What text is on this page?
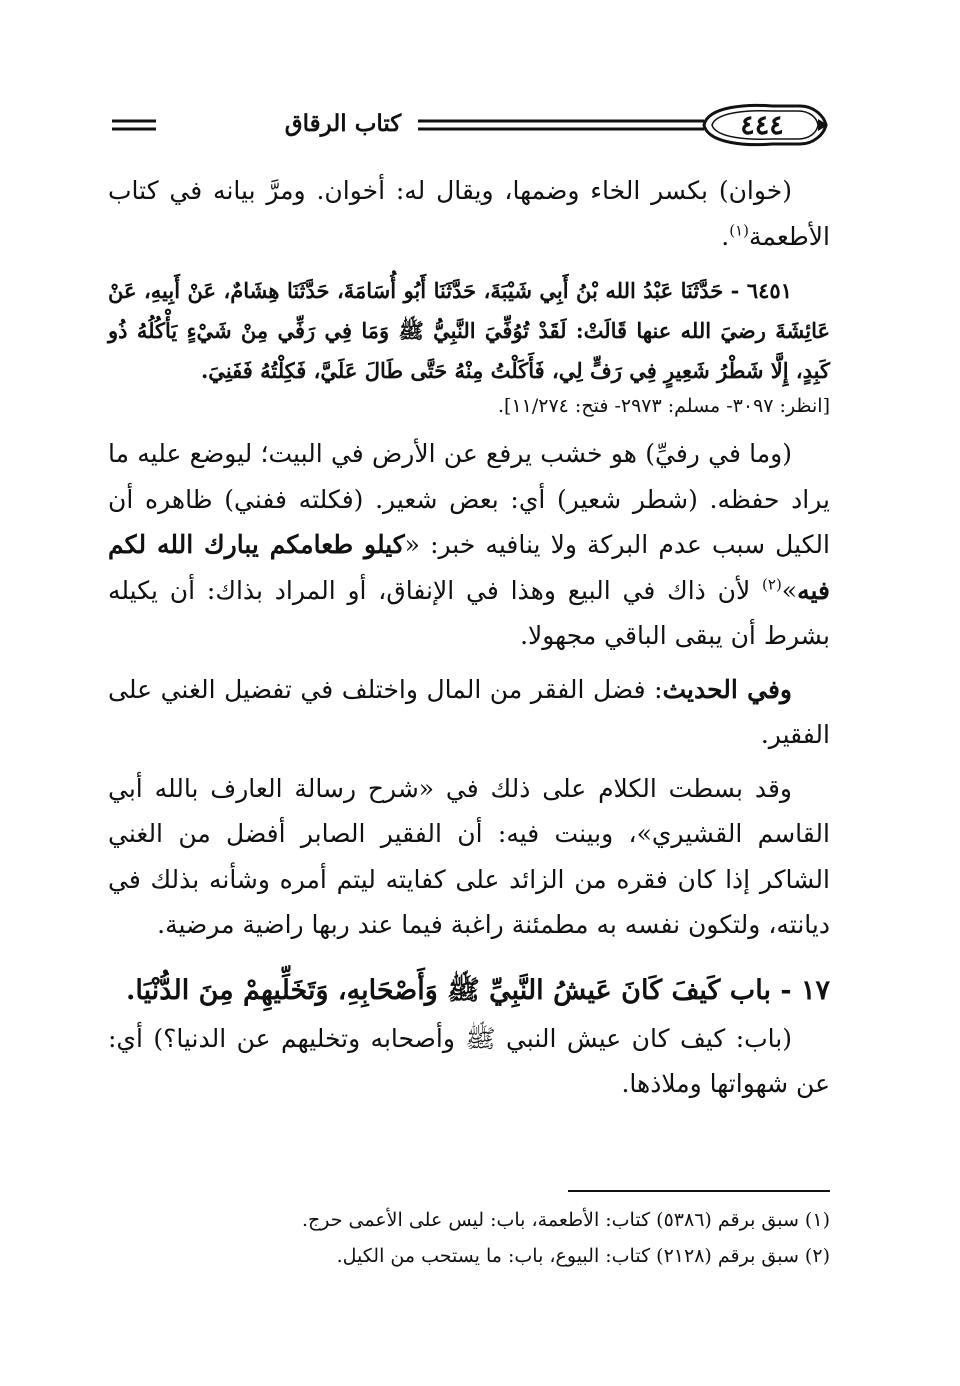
كتاب الرقاق	٤٤٤

(خوان) بكسر الخاء وضمها، ويقال له: أخوان. ومرَّ بيانه في كتاب الأطعمة$^{(١)}$.

٦٤٥١ - حَدَّثَنَا عَبْدُ الله بْنُ أَبِي شَيْبَةَ، حَدَّثَنَا أَبُو أُسَامَةَ، حَدَّثَنَا هِشَامٌ، عَنْ أَبِيهِ، عَنْ عَائِشَةَ رضيَ الله عنها قَالَتْ: لَقَدْ تُوُفِّيَ النَّبِيُّ ﷺ وَمَا فِي رَفِّي مِنْ شَيْءٍ يَأْكُلُهُ ذُو كَبِدٍ، إِلَّا شَطْرُ شَعِيرٍ فِي رَفٍّ لِي، فَأَكَلْتُ مِنْهُ حَتَّى طَالَ عَلَيَّ، فَكِلْتُهُ فَفَنِيَ.

[انظر: ٣٠٩٧- مسلم: ٢٩٧٣- فتح: ١١/٢٧٤].

(وما في رفيِّ) هو خشب يرفع عن الأرض في البيت؛ ليوضع عليه ما يراد حفظه. (شطر شعير) أي: بعض شعير. (فكلته ففني) ظاهره أن الكيل سبب عدم البركة ولا ينافيه خبر: «كيلو طعامكم يبارك الله لكم فيه»$^{(٢)}$ لأن ذاك في البيع وهذا في الإنفاق، أو المراد بذاك: أن يكيله بشرط أن يبقى الباقي مجهولا.

وفي الحديث: فضل الفقر من المال واختلف في تفضيل الغني على الفقير.

وقد بسطت الكلام على ذلك في «شرح رسالة العارف بالله أبي القاسم القشيري»، وبينت فيه: أن الفقير الصابر أفضل من الغني الشاكر إذا كان فقره من الزائد على كفايته ليتم أمره وشأنه بذلك في ديانته، ولتكون نفسه به مطمئنة راغبة فيما عند ربها راضية مرضية.

١٧ - باب كَيفَ كَانَ عَيشُ النَّبِيِّ ﷺ وَأَصْحَابِهِ، وَتَخَلِّيهِمْ مِنَ الدُّنْيَا.

(باب: كيف كان عيش النبي ﷺ وأصحابه وتخليهم عن الدنيا؟) أي: عن شهواتها وملاذها.

(١) سبق برقم (٥٣٨٦) كتاب: الأطعمة، باب: ليس على الأعمى حرج.

(٢) سبق برقم (٢١٢٨) كتاب: البيوع، باب: ما يستحب من الكيل.
